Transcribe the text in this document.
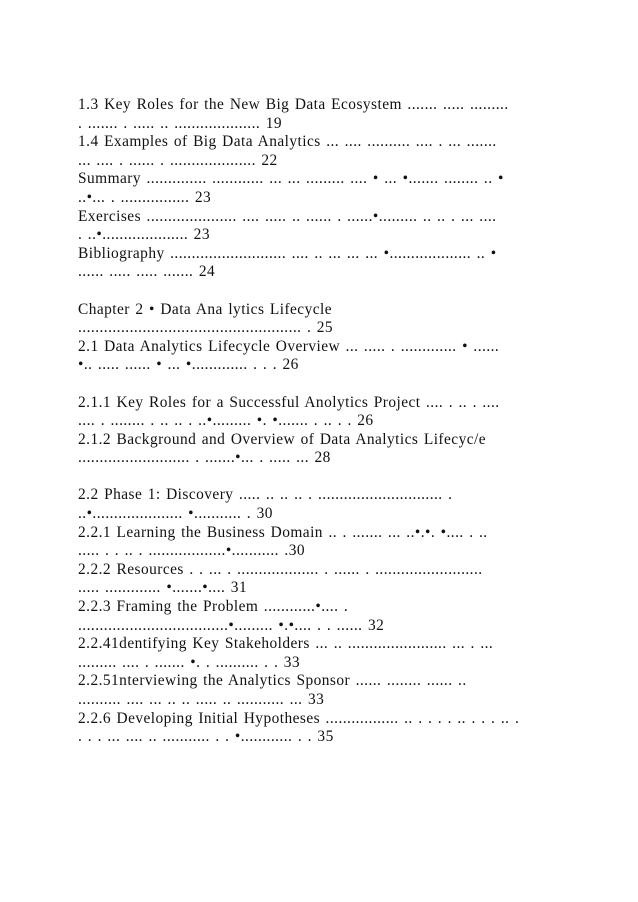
1.3 Key Roles for the New Big Data Ecosystem ....... ..... .........
. ....... . ..... .. .................... 19
1.4 Examples of Big Data Analytics ... .... .......... .... . ... .......
... .... . ...... . .................... 22
Summary .............. ............ ... ... ......... .... • ... •....... ........ .. •
..•... . ................ 23
Exercises ..................... .... ..... .. ...... . ......•......... .. .. . ... ....
. ..•.................... 23
Bibliography ........................... .... .. ... ... ... •................... .. •
...... ..... ..... ....... 24
Chapter 2 • Data Ana lytics Lifecycle
.................................................... . 25
2.1 Data Analytics Lifecycle Overview ... ..... . ............. • ......
•.. ..... ...... • ... •............. . . . 26
2.1.1 Key Roles for a Successful Anolytics Project .... . .. . ....
.... . ........ . .. .. . ..•......... •. •....... . .. . . 26
2.1.2 Background and Overview of Data Analytics Lifecyc/e
.......................... . .......•... . ..... ... 28
2.2 Phase 1: Discovery ..... .. .. .. . ............................. .
..•..................... •........... . 30
2.2.1 Learning the Business Domain .. . ....... ... ..•.•. •.... . ..
..... . . .. . ..................•........... .30
2.2.2 Resources . . ... . ................... . ...... . .........................
..... ............. •.......•.... 31
2.2.3 Framing the Problem ............•.... .
...................................•......... •.•.... . . ...... 32
2.2.41dentifying Key Stakeholders ... .. ....................... ... . ...
......... .... . ....... •. . .......... . . 33
2.2.51nterviewing the Analytics Sponsor ...... ........ ...... ..
.......... .... ... .. .. ..... .. ........... ... 33
2.2.6 Developing Initial Hypotheses ................. .. . . . . .. . . . .. .
. . . ... .... .. ........... . . •............ . . 35
